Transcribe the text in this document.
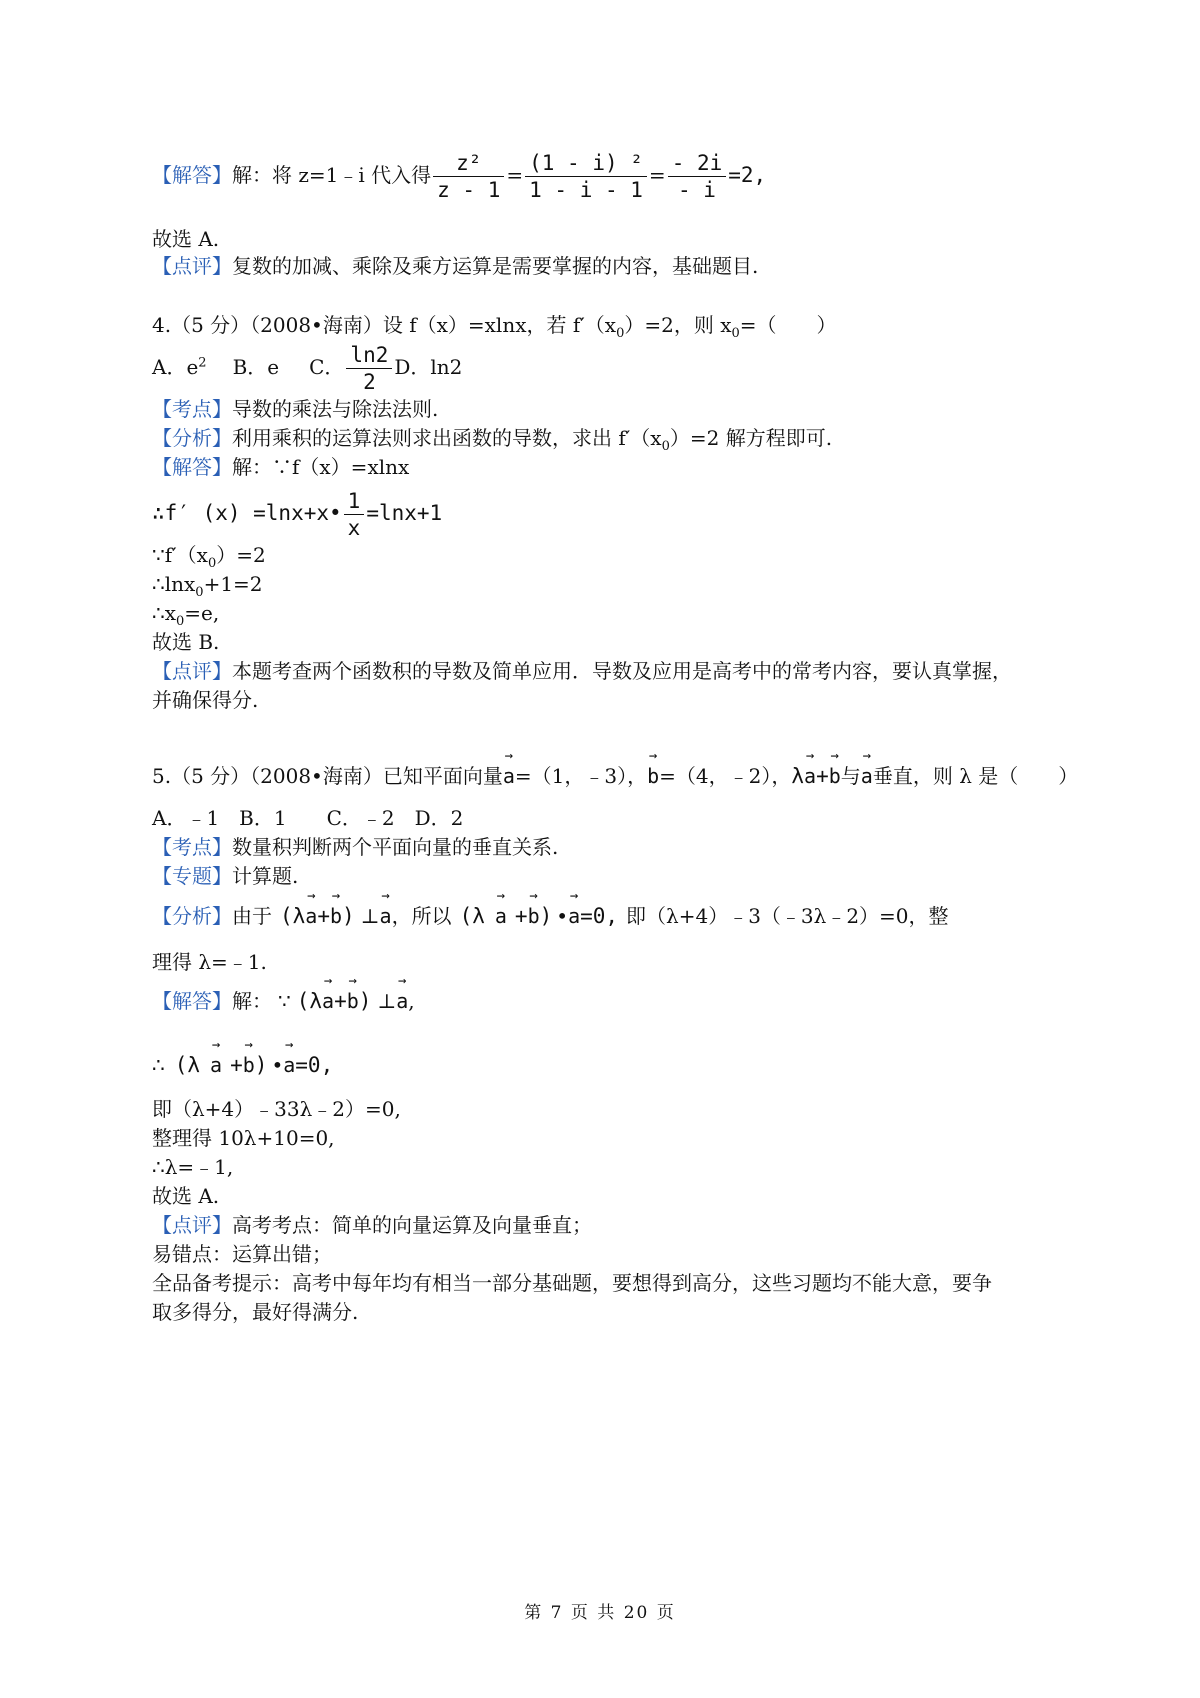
【解答】解：将 z=1﹣i 代入得 $\frac{\text{z²}}{z - 1} = \frac{\text{(1 - i) ²}}{1 - i - 1} = \frac{- 2i}{- i} =2$,
故选 A.
【点评】复数的加减、乘除及乘方运算是需要掌握的内容，基础题目.
4.（5 分）（2008•海南）设 f（x）=xlnx，若 $f'(x_0)=2$，则 $x_0=$（　　）
A．$e^2$ B．e C． $\frac{\ln 2}{2}$ D．ln2
【考点】导数的乘法与除法法则.
【分析】利用乘积的运算法则求出函数的导数，求出 $f'(x_0)=2$ 解方程即可.
【解答】解：∵f（x）=xlnx
∴f′ (x) =lnx+x• $\frac{1}{x} =\ln x+1$
$\because f'(x_0)=2$
∴lnx$_0$+1=2
$\therefore x_0=e$,
故选 B.
【点评】本题考查两个函数积的导数及简单应用．导数及应用是高考中的常考内容，要认真掌握，
并确保得分.
5.（5 分）（2008•海南）已知平面向量
→
a=（1，﹣3），
→
b=（4，﹣2），λ
→
a+
→
b与
→
a垂直，则 λ 是（　　）
A．﹣1　B．1　　C．﹣2　D．2
【考点】数量积判断两个平面向量的垂直关系.
【专题】计算题.
【分析】由于 (λ
→
a+
→
b) ⊥
→
a，所以 (λ
→
a +
→
b) •
→
a=0, 即（λ+4）﹣3（﹣3λ﹣2）=0，整
理得 λ=﹣1.
【解答】解： ∵ (λ
→
a+
→
b) ⊥
→
a,
∴ (λ
→
a +
→
b) •
→
a=0,
即（λ+4）﹣33λ﹣2）=0,
整理得 10λ+10=0,
∴λ=﹣1,
故选 A.
【点评】高考考点：简单的向量运算及向量垂直；
易错点：运算出错；
全品备考提示：高考中每年均有相当一部分基础题，要想得到高分，这些习题均不能大意，要争
取多得分，最好得满分.
第 7 页 共 20 页
